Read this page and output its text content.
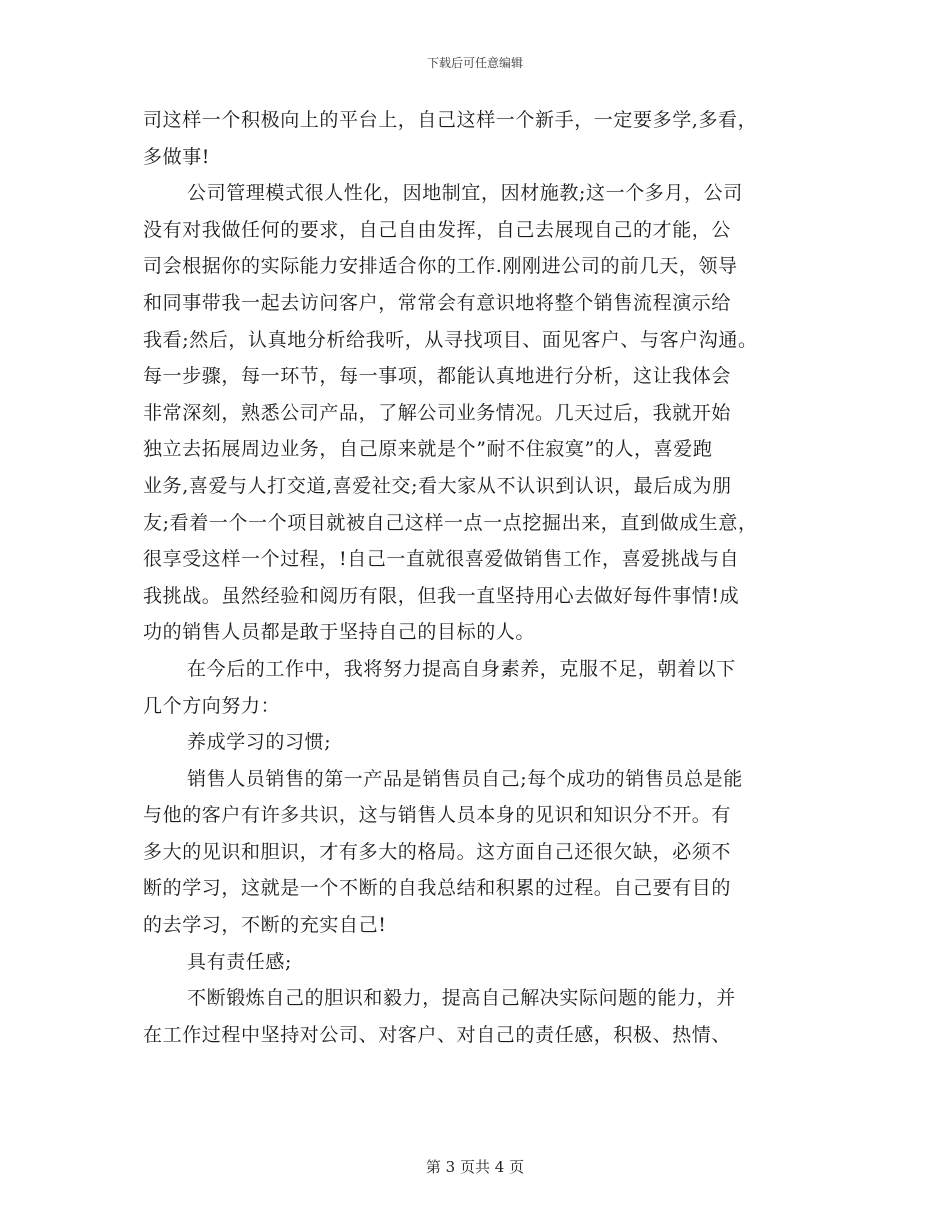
下载后可任意编辑
司这样一个积极向上的平台上，自己这样一个新手，一定要多学,多看，
多做事!
公司管理模式很人性化，因地制宜，因材施教;这一个多月，公司
没有对我做任何的要求，自己自由发挥，自己去展现自己的才能，公
司会根据你的实际能力安排适合你的工作.刚刚进公司的前几天，领导
和同事带我一起去访问客户，常常会有意识地将整个销售流程演示给
我看;然后，认真地分析给我听，从寻找项目、面见客户、与客户沟通。
每一步骤，每一环节，每一事项，都能认真地进行分析，这让我体会
非常深刻，熟悉公司产品，了解公司业务情况。几天过后，我就开始
独立去拓展周边业务，自己原来就是个”耐不住寂寞”的人，喜爱跑
业务,喜爱与人打交道,喜爱社交;看大家从不认识到认识，最后成为朋
友;看着一个一个项目就被自己这样一点一点挖掘出来，直到做成生意，
很享受这样一个过程，!自己一直就很喜爱做销售工作，喜爱挑战与自
我挑战。虽然经验和阅历有限，但我一直坚持用心去做好每件事情!成
功的销售人员都是敢于坚持自己的目标的人。
在今后的工作中，我将努力提高自身素养，克服不足，朝着以下
几个方向努力：
养成学习的习惯;
销售人员销售的第一产品是销售员自己;每个成功的销售员总是能
与他的客户有许多共识，这与销售人员本身的见识和知识分不开。有
多大的见识和胆识，才有多大的格局。这方面自己还很欠缺，必须不
断的学习，这就是一个不断的自我总结和积累的过程。自己要有目的
的去学习，不断的充实自己!
具有责任感;
不断锻炼自己的胆识和毅力，提高自己解决实际问题的能力，并
在工作过程中坚持对公司、对客户、对自己的责任感，积极、热情、
第 3 页共 4 页
